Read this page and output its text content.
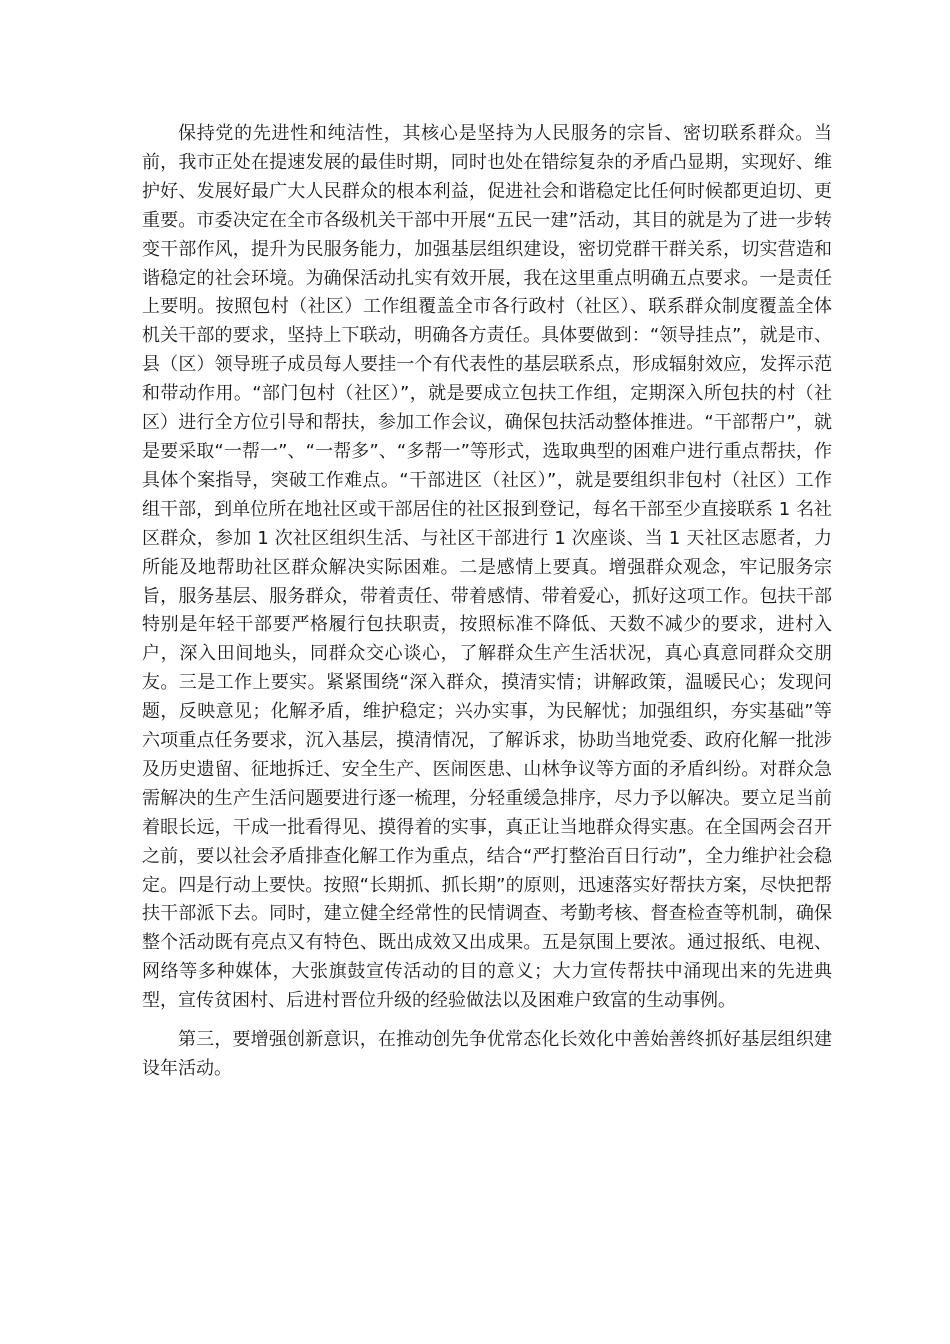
保持党的先进性和纯洁性，其核心是坚持为人民服务的宗旨、密切联系群众。当前，我市正处在提速发展的最佳时期，同时也处在错综复杂的矛盾凸显期，实现好、维护好、发展好最广大人民群众的根本利益，促进社会和谐稳定比任何时候都更迫切、更重要。市委决定在全市各级机关干部中开展“五民一建”活动，其目的就是为了进一步转变干部作风，提升为民服务能力，加强基层组织建设，密切党群干群关系，切实营造和谐稳定的社会环境。为确保活动扎实有效开展，我在这里重点明确五点要求。一是责任上要明。按照包村（社区）工作组覆盖全市各行政村（社区）、联系群众制度覆盖全体机关干部的要求，坚持上下联动，明确各方责任。具体要做到：“领导挂点”，就是市、县（区）领导班子成员每人要挂一个有代表性的基层联系点，形成辐射效应，发挥示范和带动作用。“部门包村（社区）”，就是要成立包扶工作组，定期深入所包扶的村（社区）进行全方位引导和帮扶，参加工作会议，确保包扶活动整体推进。“干部帮户”，就是要采取“一帮一”、“一帮多”、“多帮一”等形式，选取典型的困难户进行重点帮扶，作具体个案指导，突破工作难点。“干部进区（社区）”，就是要组织非包村（社区）工作组干部，到单位所在地社区或干部居住的社区报到登记，每名干部至少直接联系 1 名社区群众，参加 1 次社区组织生活、与社区干部进行 1 次座谈、当 1 天社区志愿者，力所能及地帮助社区群众解决实际困难。二是感情上要真。增强群众观念，牢记服务宗旨，服务基层、服务群众，带着责任、带着感情、带着爱心，抓好这项工作。包扶干部特别是年轻干部要严格履行包扶职责，按照标准不降低、天数不减少的要求，进村入户，深入田间地头，同群众交心谈心，了解群众生产生活状况，真心真意同群众交朋友。三是工作上要实。紧紧围绕“深入群众，摸清实情；讲解政策，温暖民心；发现问题，反映意见；化解矛盾，维护稳定；兴办实事，为民解忧；加强组织，夯实基础”等六项重点任务要求，沉入基层，摸清情况，了解诉求，协助当地党委、政府化解一批涉及历史遗留、征地拆迁、安全生产、医闹医患、山林争议等方面的矛盾纠纷。对群众急需解决的生产生活问题要进行逐一梳理，分轻重缓急排序，尽力予以解决。要立足当前着眼长远，干成一批看得见、摸得着的实事，真正让当地群众得实惠。在全国两会召开之前，要以社会矛盾排查化解工作为重点，结合“严打整治百日行动”，全力维护社会稳定。四是行动上要快。按照“长期抓、抓长期”的原则，迅速落实好帮扶方案，尽快把帮扶干部派下去。同时，建立健全经常性的民情调查、考勤考核、督查检查等机制，确保整个活动既有亮点又有特色、既出成效又出成果。五是氛围上要浓。通过报纸、电视、网络等多种媒体，大张旗鼓宣传活动的目的意义；大力宣传帮扶中涌现出来的先进典型，宣传贫困村、后进村晋位升级的经验做法以及困难户致富的生动事例。

第三，要增强创新意识，在推动创先争优常态化长效化中善始善终抓好基层组织建设年活动。
